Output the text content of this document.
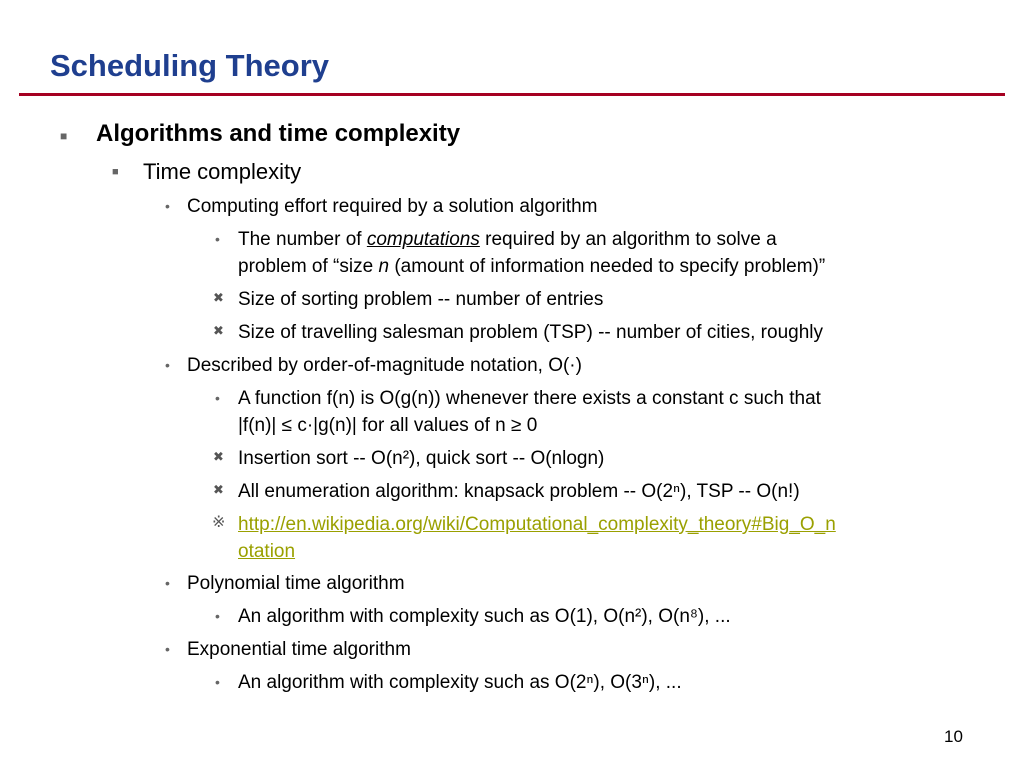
Scheduling Theory
■ Algorithms and time complexity
■ Time complexity
• Computing effort required by a solution algorithm
• The number of computations required by an algorithm to solve a
problem of “size n (amount of information needed to specify problem)”
✖ Size of sorting problem -- number of entries
✖ Size of travelling salesman problem (TSP) -- number of cities, roughly
• Described by order-of-magnitude notation, O(·)
• A function f(n) is O(g(n)) whenever there exists a constant c such that
|f(n)| ≤ c·|g(n)| for all values of n ≥ 0
✖ Insertion sort -- O(n²), quick sort -- O(nlogn)
✖ All enumeration algorithm: knapsack problem -- O(2ⁿ), TSP -- O(n!)
※ http://en.wikipedia.org/wiki/Computational_complexity_theory#Big_O_n
otation
• Polynomial time algorithm
• An algorithm with complexity such as O(1), O(n²), O(n⁸), ...
• Exponential time algorithm
• An algorithm with complexity such as O(2ⁿ), O(3ⁿ), ...
10
